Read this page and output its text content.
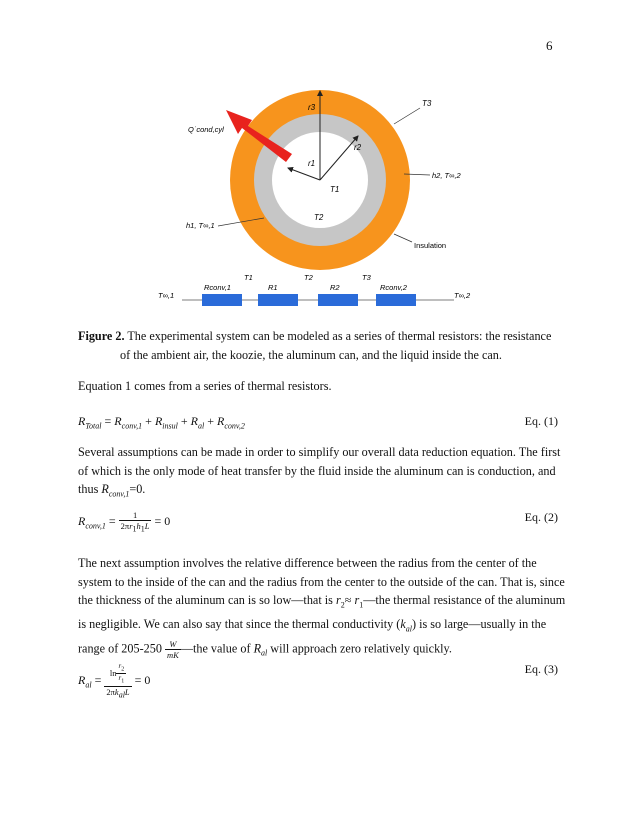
6
r3	T3
Q˙cond,cyl
r2
r1
T1
h2, T∞,2
h1, T∞,1
T2
Insulation
T∞,1	T∞,2
Rconv,1	R1	R2	Rconv,2
T1	T2	T3
Figure 2. The experimental system can be modeled as a series of thermal resistors: the resistance
of the ambient air, the koozie, the aluminum can, and the liquid inside the can.
Equation 1 comes from a series of thermal resistors.
$R_{Total} = R_{conv,1} + R_{insul} + R_{al} + R_{conv,2}$	Eq. (1)
Several assumptions can be made in order to simplify our overall data reduction equation. The first of which is the only mode of heat transfer by the fluid inside the aluminum can is conduction, and thus $R_{conv,1}=0$.
$R_{conv,1} = \frac{1}{2\pi r_1h_1L} = 0$	Eq. (2)
The next assumption involves the relative difference between the radius from the center of the system to the inside of the can and the radius from the center to the outside of the can. That is, since the thickness of the aluminum can is so low—that is $r_2\approx$ $r_1—the$ thermal resistance of the aluminum is negligible. We can also say that since the thermal conductivity $(k_{al})$ is so large—usually in the range of $205-250 \frac{W}{mK}$ —the value of $R_{al}$ will approach zero relatively quickly.
$R_{al} = \frac{\ln \frac{r_2}{r_1}}{2\pi k_{al}L} = 0$
Eq. (3)
